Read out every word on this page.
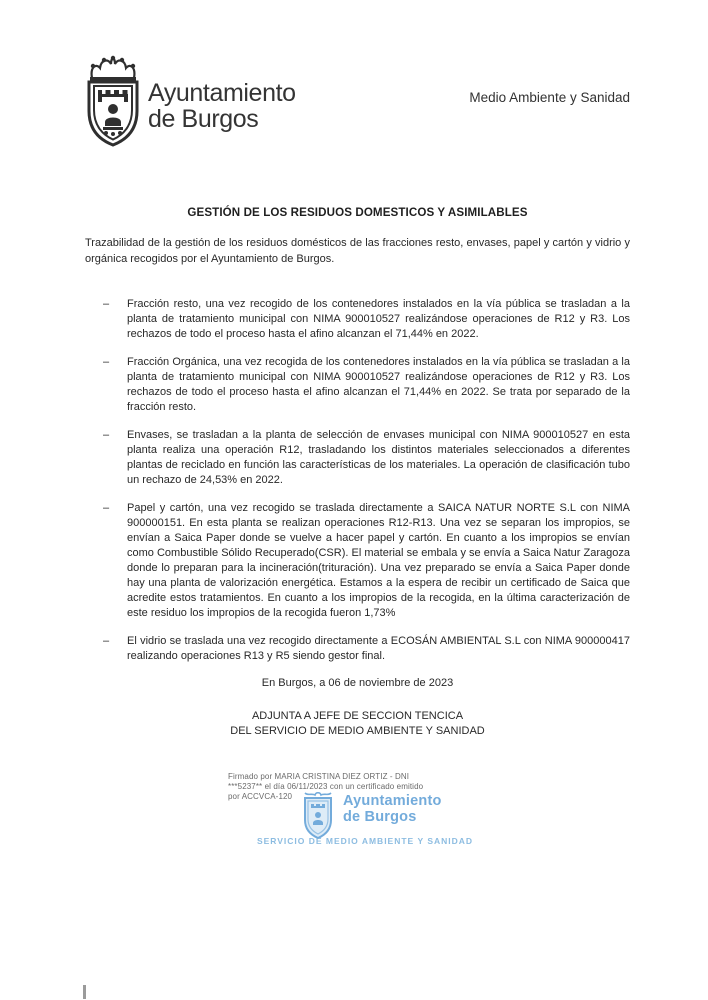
Ayuntamiento
de Burgos
Medio Ambiente y Sanidad
GESTIÓN DE LOS RESIDUOS DOMESTICOS Y ASIMILABLES

Trazabilidad de la gestión de los residuos domésticos de las fracciones resto, envases, papel y cartón y vidrio y orgánica recogidos por el Ayuntamiento de Burgos.

–	Fracción resto, una vez recogido de los contenedores instalados en la vía pública se trasladan a la planta de tratamiento municipal con NIMA 900010527 realizándose operaciones de R12 y R3. Los rechazos de todo el proceso hasta el afino alcanzan el 71,44% en 2022.
–	Fracción Orgánica, una vez recogida de los contenedores instalados en la vía pública se trasladan a la planta de tratamiento municipal con NIMA 900010527 realizándose operaciones de R12 y R3. Los rechazos de todo el proceso hasta el afino alcanzan el 71,44% en 2022. Se trata por separado de la fracción resto.
–	Envases, se trasladan a la planta de selección de envases municipal con NIMA 900010527 en esta planta realiza una operación R12, trasladando los distintos materiales seleccionados a diferentes plantas de reciclado en función las características de los materiales. La operación de clasificación tubo un rechazo de 24,53% en 2022.
–	Papel y cartón, una vez recogido se traslada directamente a SAICA NATUR NORTE S.L con NIMA 900000151. En esta planta se realizan operaciones R12-R13. Una vez se separan los impropios, se envían a Saica Paper donde se vuelve a hacer papel y cartón. En cuanto a los impropios se envían como Combustible Sólido Recuperado(CSR). El material se embala y se envía a Saica Natur Zaragoza donde lo preparan para la incineración(trituración). Una vez preparado se envía a Saica Paper donde hay una planta de valorización energética. Estamos a la espera de recibir un certificado de Saica que acredite estos tratamientos. En cuanto a los impropios de la recogida, en la última caracterización de este residuo los impropios de la recogida fueron 1,73%
–	El vidrio se traslada una vez recogido directamente a ECOSÁN AMBIENTAL S.L con NIMA 900000417 realizando operaciones R13 y R5 siendo gestor final.
En Burgos, a 06 de noviembre de 2023
ADJUNTA A JEFE DE SECCION TENCICA
DEL SERVICIO DE MEDIO AMBIENTE Y SANIDAD
Firmado por MARIA CRISTINA DIEZ ORTIZ - DNI
***5237** el día 06/11/2023 con un certificado emitido
por ACCVCA-120	Ayuntamiento
de Burgos
SERVICIO DE MEDIO AMBIENTE Y SANIDAD
